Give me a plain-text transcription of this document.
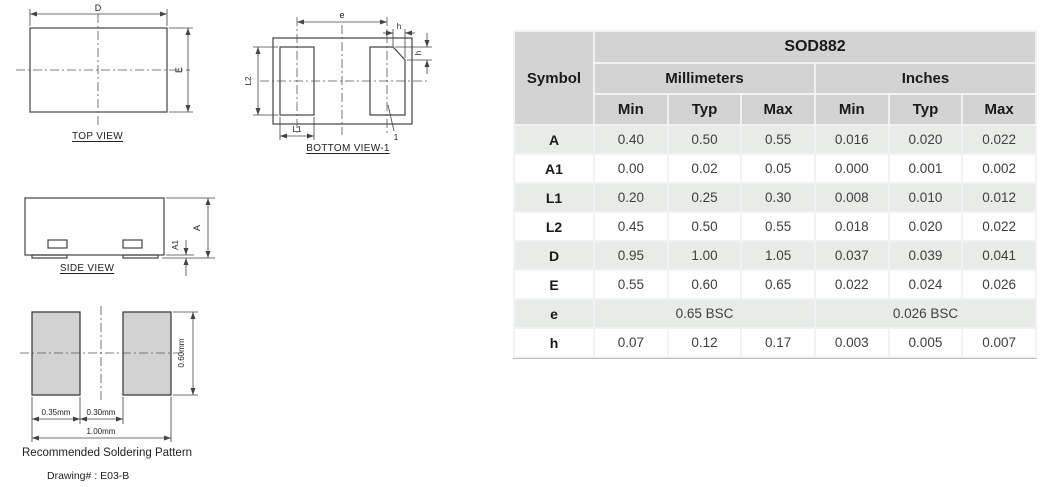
D
E
TOP VIEW
e
h
h
L2
L1
1
BOTTOM VIEW-1
A
A1
SIDE VIEW
0.35mm 0.30mm
1.00mm
0.60mm
Recommended Soldering Pattern
Drawing# : E03-B
Symbol	SOD882					
	Millimeters			Inches		
	Min	Typ	Max	Min	Typ	Max
A	0.40	0.50	0.55	0.016	0.020	0.022
A1	0.00	0.02	0.05	0.000	0.001	0.002
L1	0.20	0.25	0.30	0.008	0.010	0.012
L2	0.45	0.50	0.55	0.018	0.020	0.022
D	0.95	1.00	1.05	0.037	0.039	0.041
E	0.55	0.60	0.65	0.022	0.024	0.026
e	0.65 BSC			0.026 BSC		
h	0.07	0.12	0.17	0.003	0.005	0.007
